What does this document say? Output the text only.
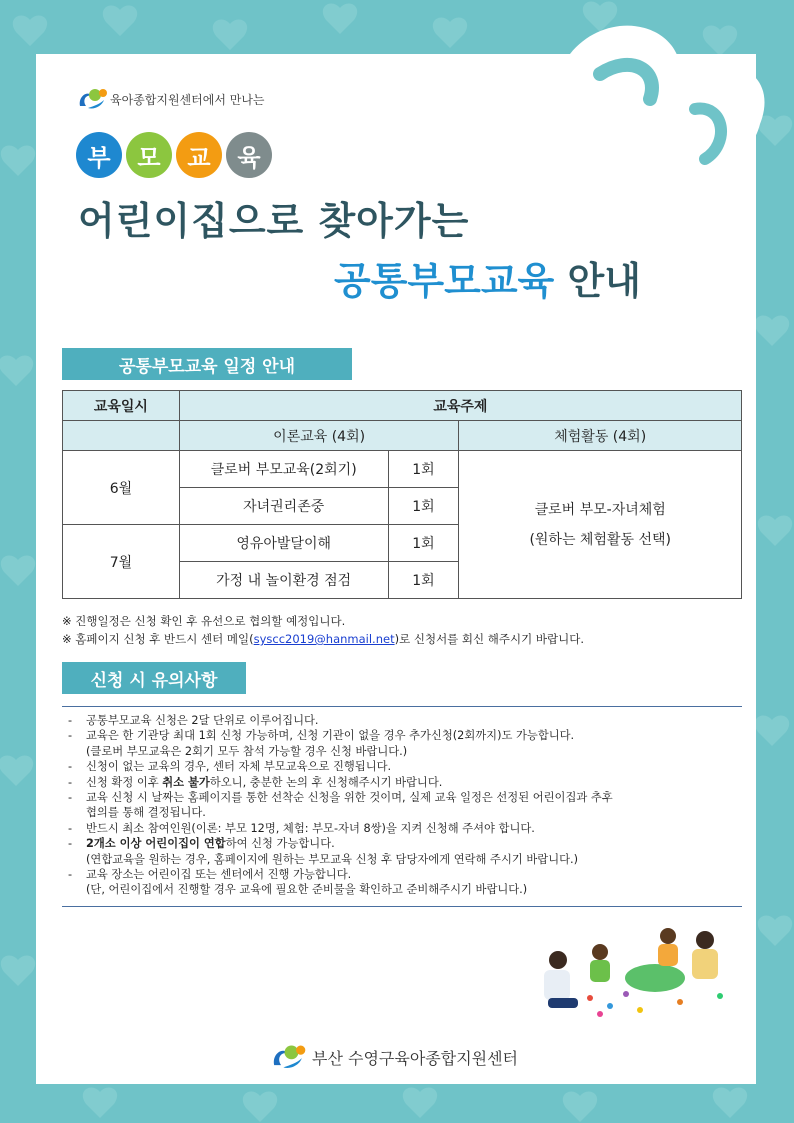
육아종합지원센터에서 만나는
부	모	교	육
어린이집으로 찾아가는
공통부모교육 안내
공통부모교육 일정 안내
교육일시	교육주제		
	이론교육 (4회)		체험활동 (4회)
6월	클로버 부모교육(2회기)	1회	클로버 부모-자녀체험
(원하는 체험활동 선택)

	자녀권리존중	1회	
7월	영유아발달이해	1회	
	가정 내 놀이환경 점검	1회	
※ 진행일정은 신청 확인 후 유선으로 협의할 예정입니다.
※ 홈페이지 신청 후 반드시 센터 메일(syscc2019@hanmail.net)로 신청서를 회신 해주시기 바랍니다.
신청 시 유의사항
-	공통부모교육 신청은 2달 단위로 이루어집니다.
-	교육은 한 기관당 최대 1회 신청 가능하며, 신청 기관이 없을 경우 추가신청(2회까지)도 가능합니다.
(클로버 부모교육은 2회기 모두 참석 가능할 경우 신청 바랍니다.)
-	신청이 없는 교육의 경우, 센터 자체 부모교육으로 진행됩니다.
-	신청 확정 이후 취소 불가하오니, 충분한 논의 후 신청해주시기 바랍니다.
-	교육 신청 시 날짜는 홈페이지를 통한 선착순 신청을 위한 것이며, 실제 교육 일정은 선정된 어린이집과 추후
협의를 통해 결정됩니다.
-	반드시 최소 참여인원(이론: 부모 12명, 체험: 부모-자녀 8쌍)을 지켜 신청해 주셔야 합니다.
-	2개소 이상 어린이집이 연합하여 신청 가능합니다.
(연합교육을 원하는 경우, 홈페이지에 원하는 부모교육 신청 후 담당자에게 연락해 주시기 바랍니다.)
-	교육 장소는 어린이집 또는 센터에서 진행 가능합니다.
(단, 어린이집에서 진행할 경우 교육에 필요한 준비물을 확인하고 준비해주시기 바랍니다.)
부산 수영구육아종합지원센터
